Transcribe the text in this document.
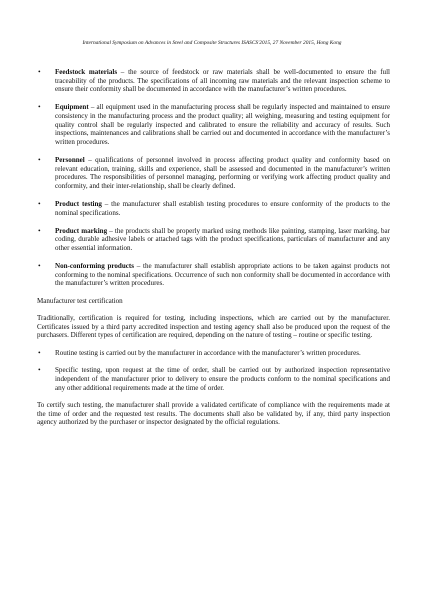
International Symposium on Advances in Steel and Composite Structures ISASCS'2015, 27 November 2015, Hong Kong
• Feedstock materials – the source of feedstock or raw materials shall be well-documented to ensure the full traceability of the products. The specifications of all incoming raw materials and the relevant inspection scheme to ensure their conformity shall be documented in accordance with the manufacturer’s written procedures.
• Equipment – all equipment used in the manufacturing process shall be regularly inspected and maintained to ensure consistency in the manufacturing process and the product quality; all weighing, measuring and testing equipment for quality control shall be regularly inspected and calibrated to ensure the reliability and accuracy of results. Such inspections, maintenances and calibrations shall be carried out and documented in accordance with the manufacturer’s written procedures.
• Personnel – qualifications of personnel involved in process affecting product quality and conformity based on relevant education, training, skills and experience, shall be assessed and documented in the manufacturer’s written procedures. The responsibilities of personnel managing, performing or verifying work affecting product quality and conformity, and their inter-relationship, shall be clearly defined.
• Product testing – the manufacturer shall establish testing procedures to ensure conformity of the products to the nominal specifications.
• Product marking – the products shall be properly marked using methods like painting, stamping, laser marking, bar coding, durable adhesive labels or attached tags with the product specifications, particulars of manufacturer and any other essential information.
• Non-conforming products – the manufacturer shall establish appropriate actions to be taken against products not conforming to the nominal specifications. Occurrence of such non conformity shall be documented in accordance with the manufacturer’s written procedures.
Manufacturer test certification
Traditionally, certification is required for testing, including inspections, which are carried out by the manufacturer. Certificates issued by a third party accredited inspection and testing agency shall also be produced upon the request of the purchasers. Different types of certification are required, depending on the nature of testing – routine or specific testing.
• Routine testing is carried out by the manufacturer in accordance with the manufacturer’s written procedures.
• Specific testing, upon request at the time of order, shall be carried out by authorized inspection representative independent of the manufacturer prior to delivery to ensure the products conform to the nominal specifications and any other additional requirements made at the time of order.
To certify such testing, the manufacturer shall provide a validated certificate of compliance with the requirements made at the time of order and the requested test results. The documents shall also be validated by, if any, third party inspection agency authorized by the purchaser or inspector designated by the official regulations.
